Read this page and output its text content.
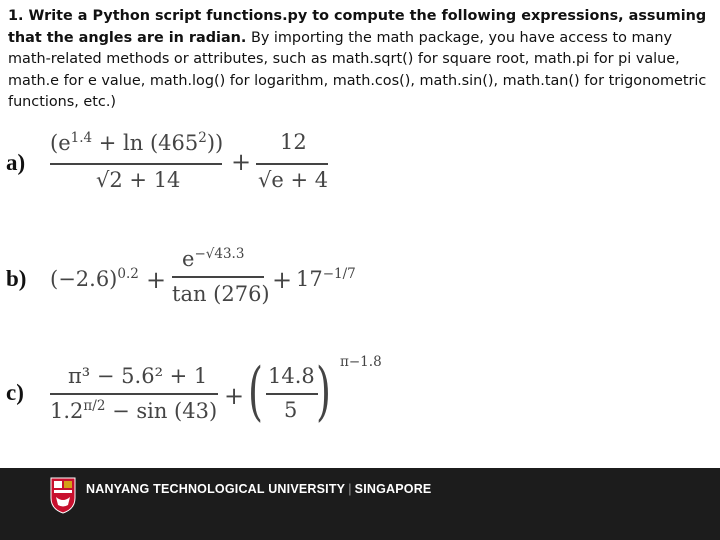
1. Write a Python script functions.py to compute the following expressions, assuming that the angles are in radian. By importing the math package, you have access to many math-related methods or attributes, such as math.sqrt() for square root, math.pi for pi value, math.e for e value, math.log() for logarithm, math.cos(), math.sin(), math.tan() for trigonometric functions, etc.)
a)
$(e^{1.4} + \ln (465^2))$
√2 + 14
+
12
√e + 4
b) $(-2.6)^{0.2}$ +
$e^{-√43.3}$
$\tan (276) + 17^{-1/7}$
c)
π³ − 5.6² + 1
$1.2^{\pi/2} - \sin (43)$
+ ( 14.8
5 ) π−1.8
NANYANG TECHNOLOGICAL UNIVERSITY | SINGAPORE
